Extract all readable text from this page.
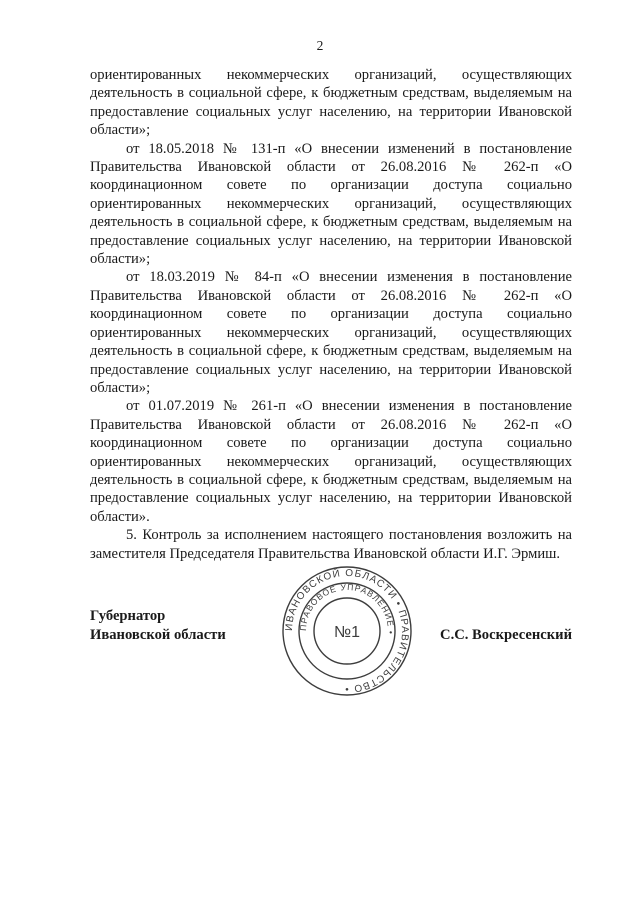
2

ориентированных некоммерческих организаций, осуществляющих деятельность в социальной сфере, к бюджетным средствам, выделяемым на предоставление социальных услуг населению, на территории Ивановской области»;

от 18.05.2018 № 131-п «О внесении изменений в постановление Правительства Ивановской области от 26.08.2016 № 262-п «О координационном совете по организации доступа социально ориентированных некоммерческих организаций, осуществляющих деятельность в социальной сфере, к бюджетным средствам, выделяемым на предоставление социальных услуг населению, на территории Ивановской области»;

от 18.03.2019 № 84-п «О внесении изменения в постановление Правительства Ивановской области от 26.08.2016 № 262-п «О координационном совете по организации доступа социально ориентированных некоммерческих организаций, осуществляющих деятельность в социальной сфере, к бюджетным средствам, выделяемым на предоставление социальных услуг населению, на территории Ивановской области»;

от 01.07.2019 № 261-п «О внесении изменения в постановление Правительства Ивановской области от 26.08.2016 № 262-п «О координационном совете по организации доступа социально ориентированных некоммерческих организаций, осуществляющих деятельность в социальной сфере, к бюджетным средствам, выделяемым на предоставление социальных услуг населению, на территории Ивановской области».

5. Контроль за исполнением настоящего постановления возложить на заместителя Председателя Правительства Ивановской области И.Г. Эрмиш.

Губернатор
Ивановской области
ИВАНОВСКОЙ ОБЛАСТИ • ПРАВИТЕЛЬСТВО •
ПРАВОВОЕ УПРАВЛЕНИЕ •
№1	С.С. Воскресенский
